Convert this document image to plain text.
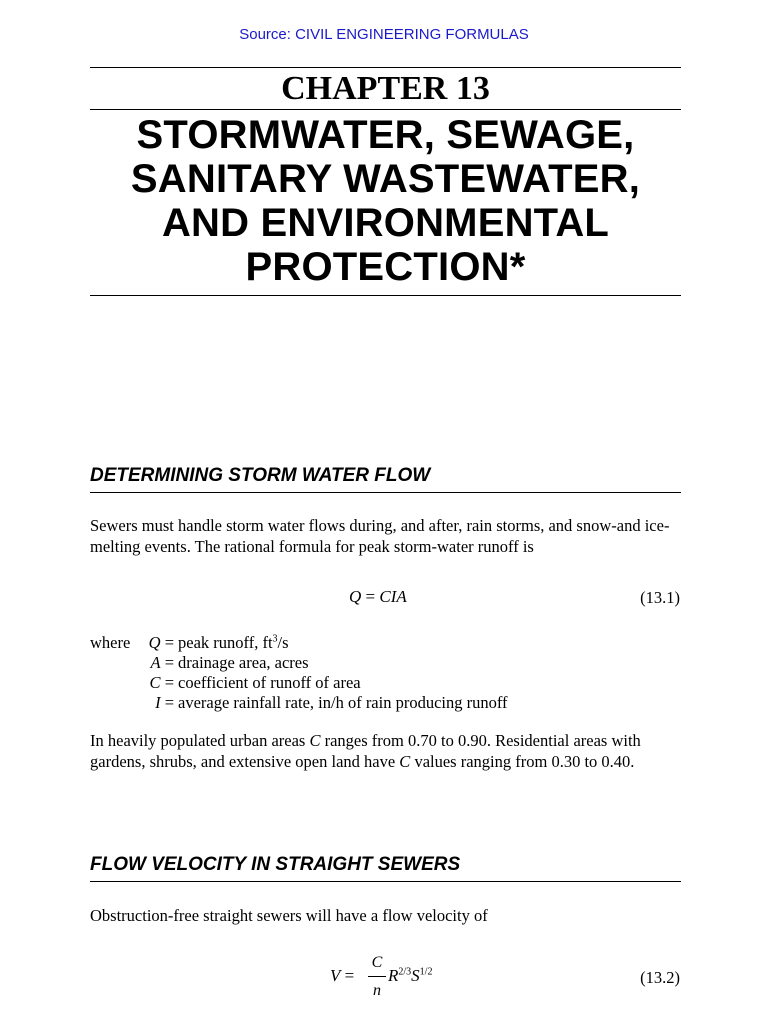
Source: CIVIL ENGINEERING FORMULAS
CHAPTER 13
STORMWATER, SEWAGE,
SANITARY WASTEWATER,
AND ENVIRONMENTAL
PROTECTION*
DETERMINING STORM WATER FLOW
Sewers must handle storm water flows during, and after, rain storms, and snow-and ice-melting events. The rational formula for peak storm-water runoff is
Q = CIA	(13.1)
where	Q = peak runoff, $ft^3/s$
A = drainage area, acres
C = coefficient of runoff of area
I = average rainfall rate, in/h of rain producing runoff
In heavily populated urban areas C ranges from 0.70 to 0.90. Residential areas with gardens, shrubs, and extensive open land have C values ranging from 0.30 to 0.40.
FLOW VELOCITY IN STRAIGHT SEWERS
Obstruction-free straight sewers will have a flow velocity of
V =
C
n
$R^{2/3}S^{1/2}$	(13.2)
